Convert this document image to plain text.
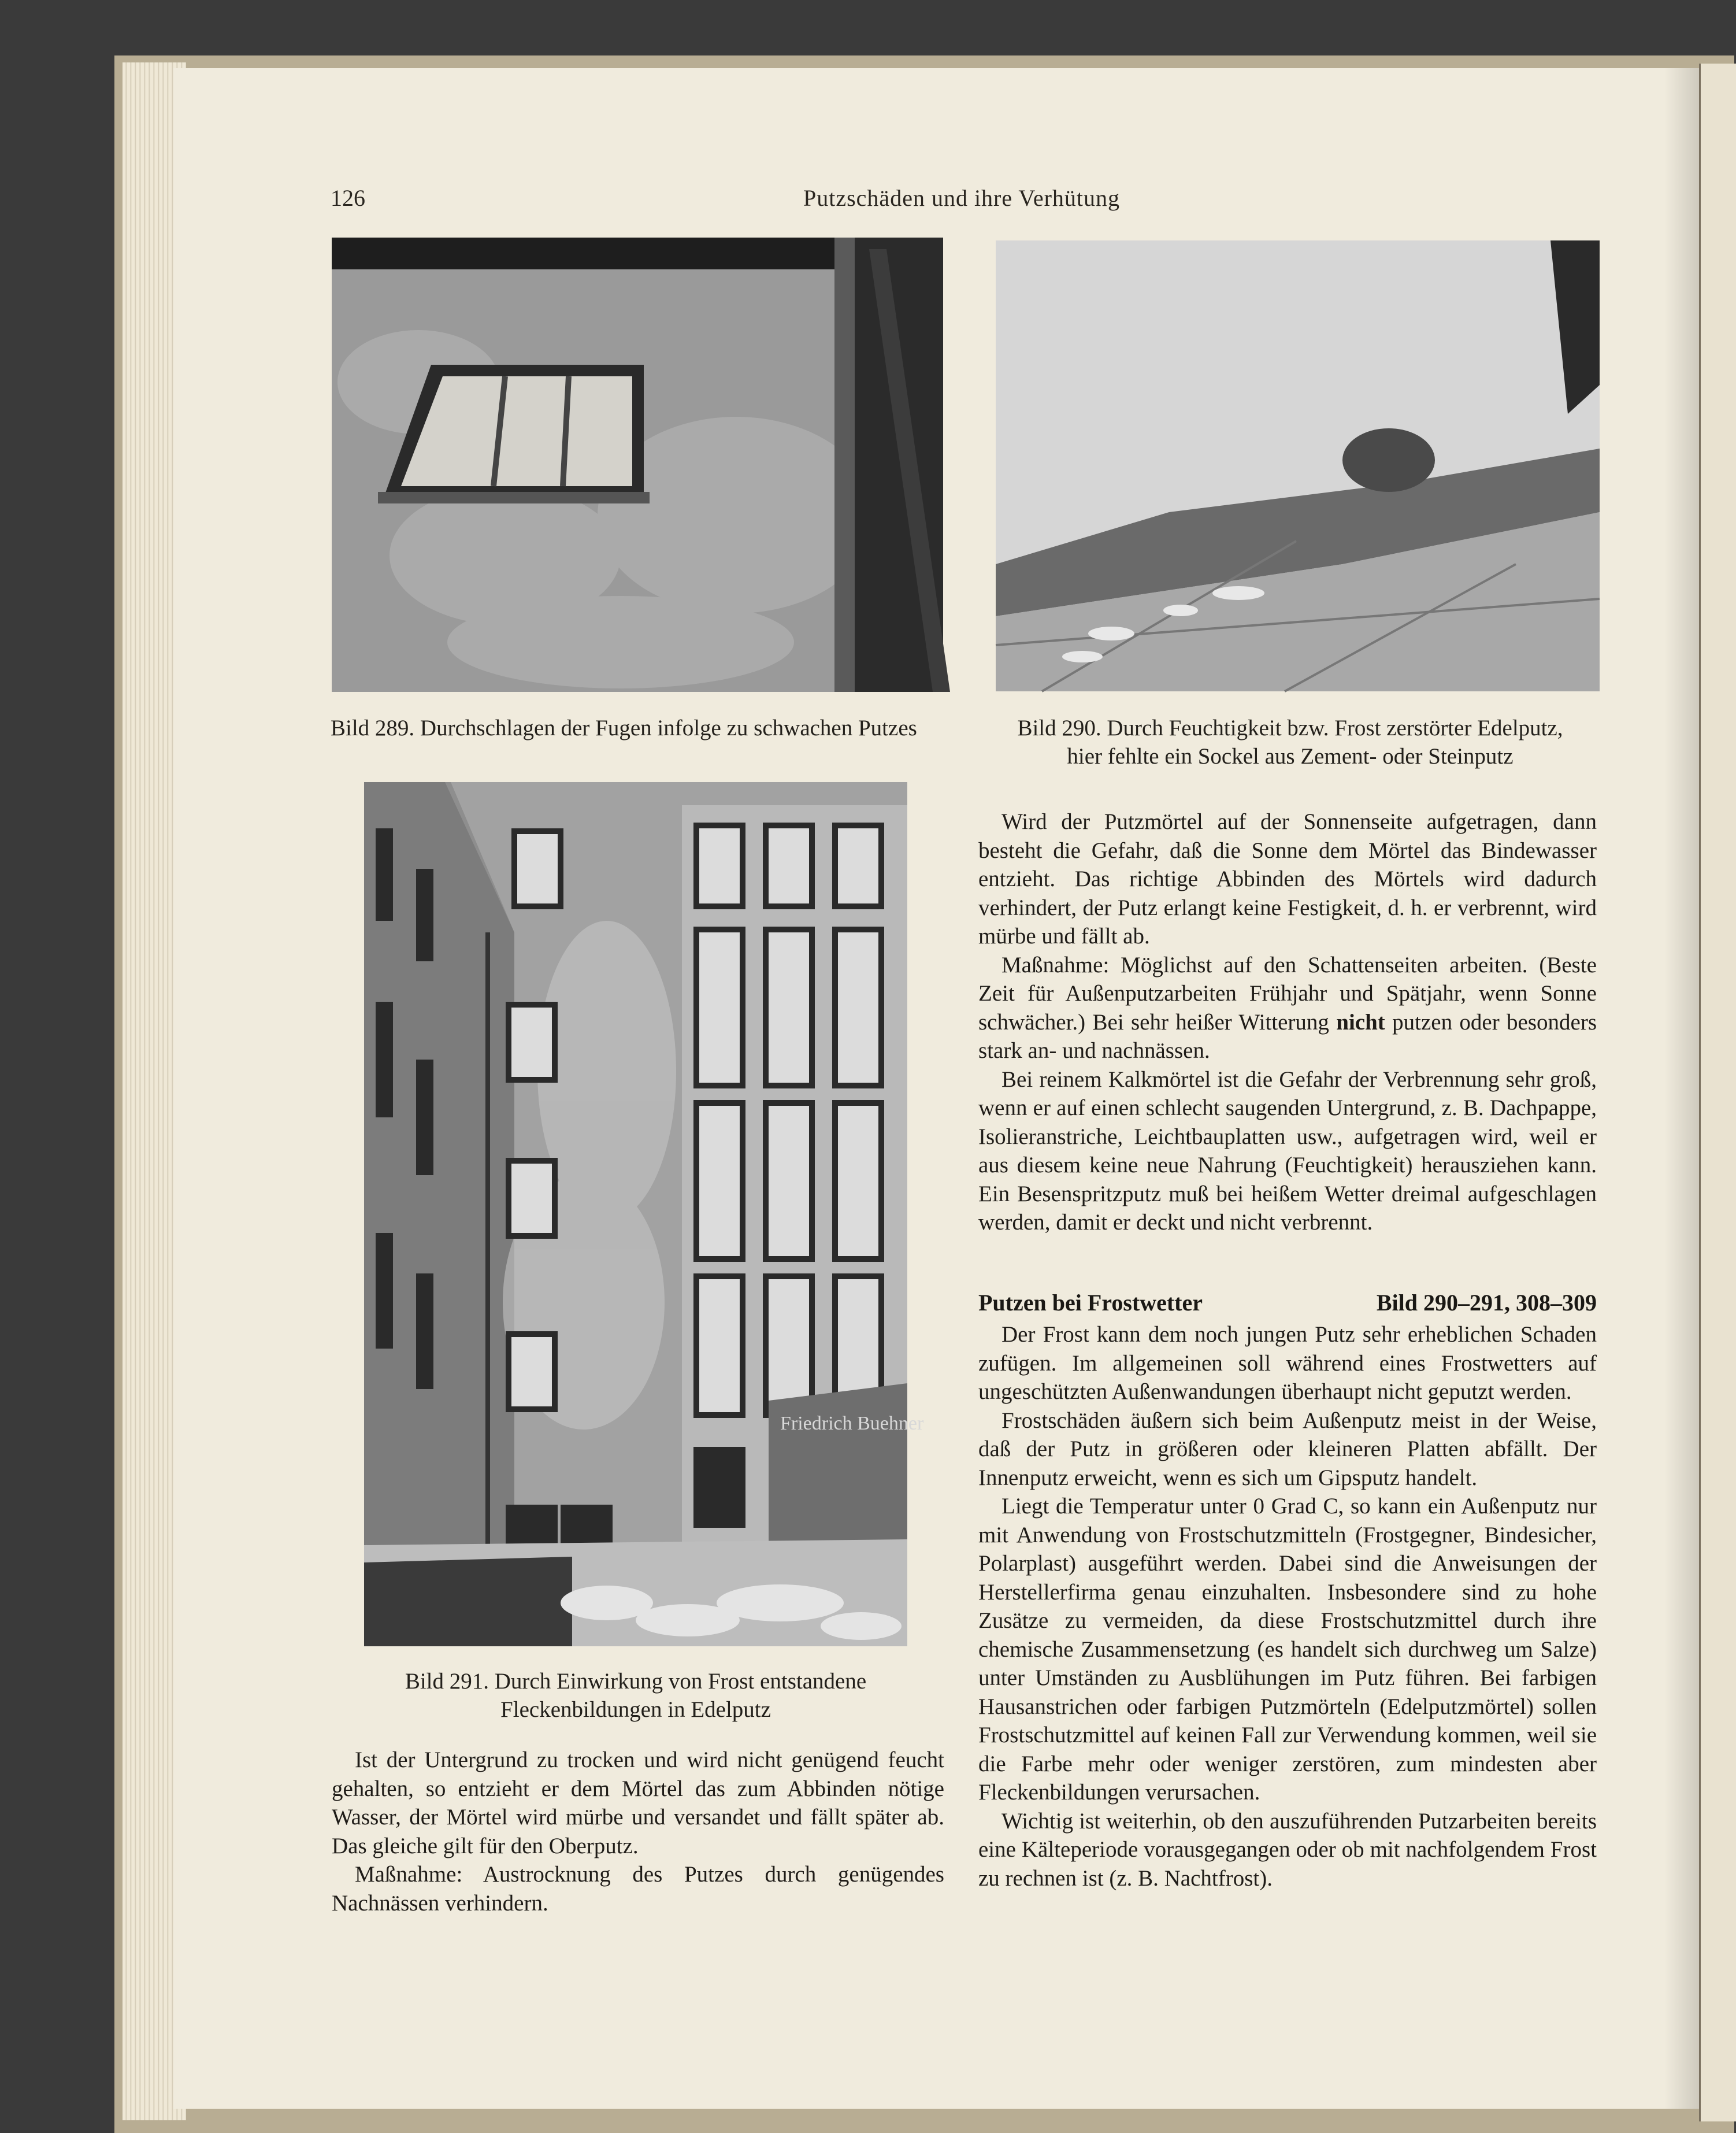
126	Putzschäden und ihre Verhütung
Bild 289. Durchschlagen der Fugen infolge zu schwachen Putzes	Bild 290. Durch Feuchtigkeit bzw. Frost zerstörter Edelputz,
hier fehlte ein Sockel aus Zement- oder Steinputz
Friedrich Buehner
Bild 291. Durch Einwirkung von Frost entstandene
Fleckenbildungen in Edelputz

Ist der Untergrund zu trocken und wird nicht genügend feucht gehalten, so entzieht er dem Mörtel das zum Abbinden nötige Wasser, der Mörtel wird mürbe und versandet und fällt später ab. Das gleiche gilt für den Oberputz.

Maßnahme: Austrocknung des Putzes durch genügendes Nachnässen verhindern.

Wird der Putzmörtel auf der Sonnenseite aufgetragen, dann besteht die Gefahr, daß die Sonne dem Mörtel das Bindewasser entzieht. Das richtige Abbinden des Mörtels wird dadurch verhindert, der Putz erlangt keine Festigkeit, d. h. er verbrennt, wird mürbe und fällt ab.

Maßnahme: Möglichst auf den Schattenseiten arbeiten. (Beste Zeit für Außenputzarbeiten Frühjahr und Spätjahr, wenn Sonne schwächer.) Bei sehr heißer Witterung nicht putzen oder besonders stark an- und nachnässen.

Bei reinem Kalkmörtel ist die Gefahr der Verbrennung sehr groß, wenn er auf einen schlecht saugenden Untergrund, z. B. Dachpappe, Isolieranstriche, Leichtbauplatten usw., aufgetragen wird, weil er aus diesem keine neue Nahrung (Feuchtigkeit) herausziehen kann. Ein Besenspritzputz muß bei heißem Wetter dreimal aufgeschlagen werden, damit er deckt und nicht verbrennt.

Putzen bei Frostwetter	Bild 290–291, 308–309

Der Frost kann dem noch jungen Putz sehr erheblichen Schaden zufügen. Im allgemeinen soll während eines Frostwetters auf ungeschützten Außenwandungen überhaupt nicht geputzt werden.

Frostschäden äußern sich beim Außenputz meist in der Weise, daß der Putz in größeren oder kleineren Platten abfällt. Der Innenputz erweicht, wenn es sich um Gipsputz handelt.

Liegt die Temperatur unter 0 Grad C, so kann ein Außenputz nur mit Anwendung von Frostschutzmitteln (Frostgegner, Bindesicher, Polarplast) ausgeführt werden. Dabei sind die Anweisungen der Herstellerfirma genau einzuhalten. Insbesondere sind zu hohe Zusätze zu vermeiden, da diese Frostschutzmittel durch ihre chemische Zusammensetzung (es handelt sich durchweg um Salze) unter Umständen zu Ausblühungen im Putz führen. Bei farbigen Hausanstrichen oder farbigen Putzmörteln (Edelputzmörtel) sollen Frostschutzmittel auf keinen Fall zur Verwendung kommen, weil sie die Farbe mehr oder weniger zerstören, zum mindesten aber Fleckenbildungen verursachen.

Wichtig ist weiterhin, ob den auszuführenden Putzarbeiten bereits eine Kälteperiode vorausgegangen oder ob mit nachfolgendem Frost zu rechnen ist (z. B. Nachtfrost).
